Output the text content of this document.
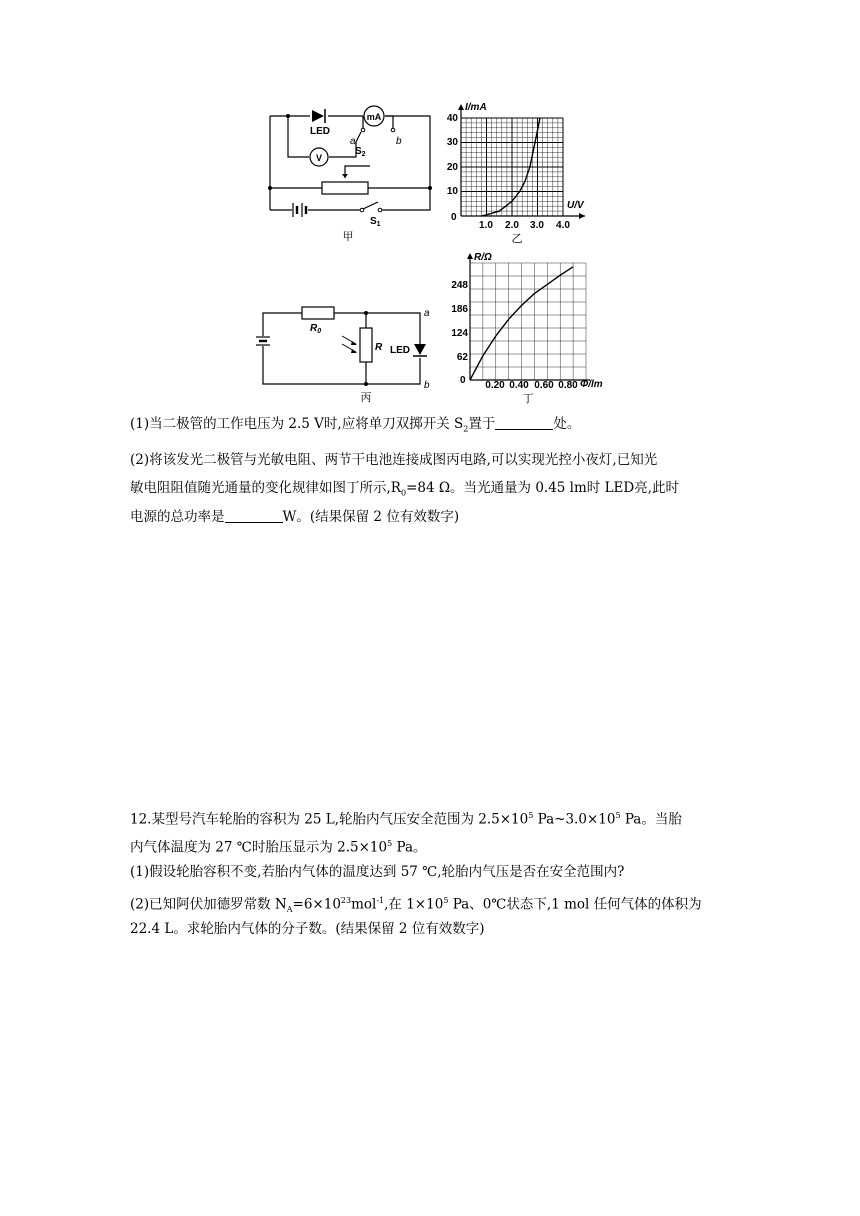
mA
V
a	b
LED
$S_2$
$S_1$
甲
I/mA
U/V
0
40
30
20
10
1.0 2.0 3.0 4.0
乙
$R_0$
R LED
a
b
丙
R/Ω
Φ/lm
0
248
186
124
62
0.20 0.40 0.60 0.80
丁
(1)当二极管的工作电压为 2.5 V时,应将单刀双掷开关 $S_2$置于	处。
(2)将该发光二极管与光敏电阻、两节干电池连接成图丙电路,可以实现光控小夜灯,已知光
敏电阻阻值随光通量的变化规律如图丁所示$,R_0=84$ Ω。当光通量为 0.45 lm时 LED亮,此时
电源的总功率是	W。(结果保留 2 位有效数字)
12.某型号汽车轮胎的容积为 25 L,轮胎内气压安全范围为 $2.5\times 10^5$ $Pa\sim 3.0\times 10^5$ Pa。当胎
内气体温度为 27 ℃时胎压显示为 $2.5\times 10^5$ Pa。
(1)假设轮胎容积不变,若胎内气体的温度达到 57 ℃,轮胎内气压是否在安全范围内?
(2)已知阿伏加德罗常数 $N_A=6\times 10^{23}mol^{-1}$,在 $1\times 10^5$ Pa、0℃状态下,1 mol 任何气体的体积为
22.4 L。求轮胎内气体的分子数。(结果保留 2 位有效数字)
